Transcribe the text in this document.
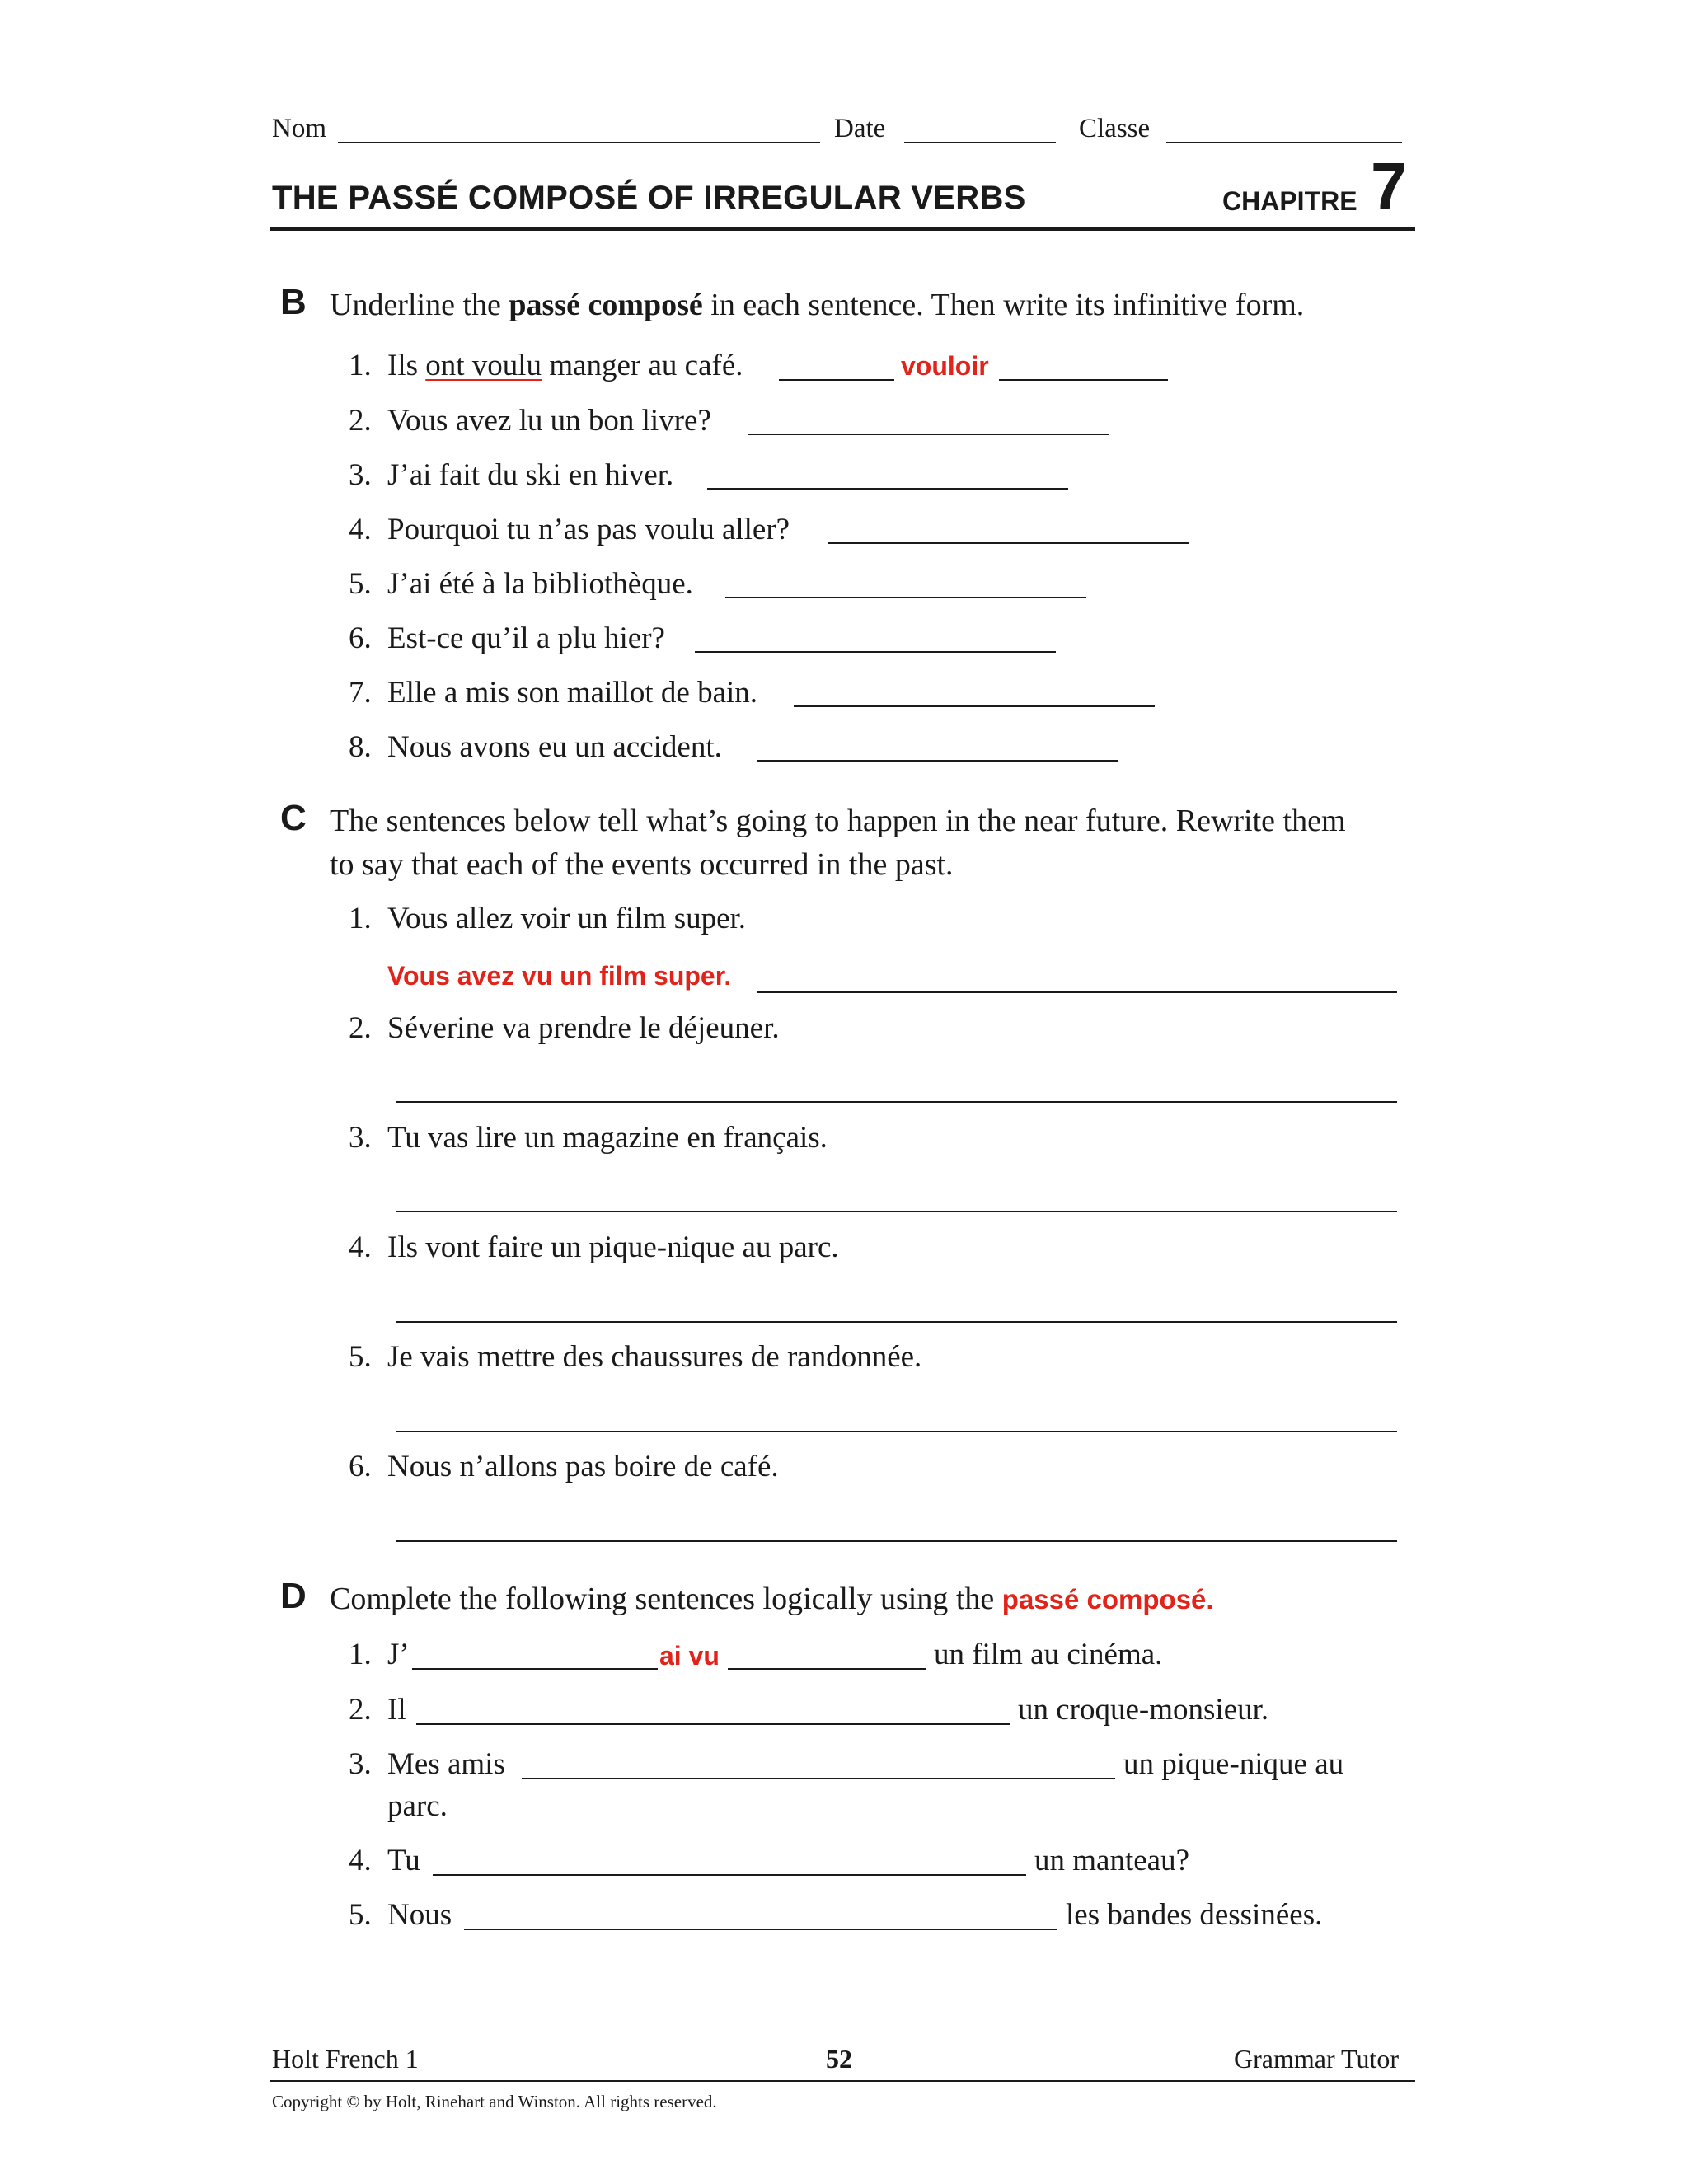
Nom	Date	Classe
THE PASSÉ COMPOSÉ OF IRREGULAR VERBS	CHAPITRE 7
B Underline the passé composé in each sentence. Then write its infinitive form.
1. Ils ont voulu manger au café.	vouloir
2. Vous avez lu un bon livre?
3. J’ai fait du ski en hiver.
4. Pourquoi tu n’as pas voulu aller?
5. J’ai été à la bibliothèque.
6. Est-ce qu’il a plu hier?
7. Elle a mis son maillot de bain.
8. Nous avons eu un accident.
C The sentences below tell what’s going to happen in the near future. Rewrite them
to say that each of the events occurred in the past.
1. Vous allez voir un film super.
Vous avez vu un film super.
2. Séverine va prendre le déjeuner.
3. Tu vas lire un magazine en français.
4. Ils vont faire un pique-nique au parc.
5. Je vais mettre des chaussures de randonnée.
6. Nous n’allons pas boire de café.
D Complete the following sentences logically using the passé composé.
1. J’	ai vu	un film au cinéma.
2. Il	un croque-monsieur.
3. Mes amis	un pique-nique au
parc.
4. Tu	un manteau?
5. Nous	les bandes dessinées.
Holt French 1	52	Grammar Tutor
Copyright © by Holt, Rinehart and Winston. All rights reserved.
